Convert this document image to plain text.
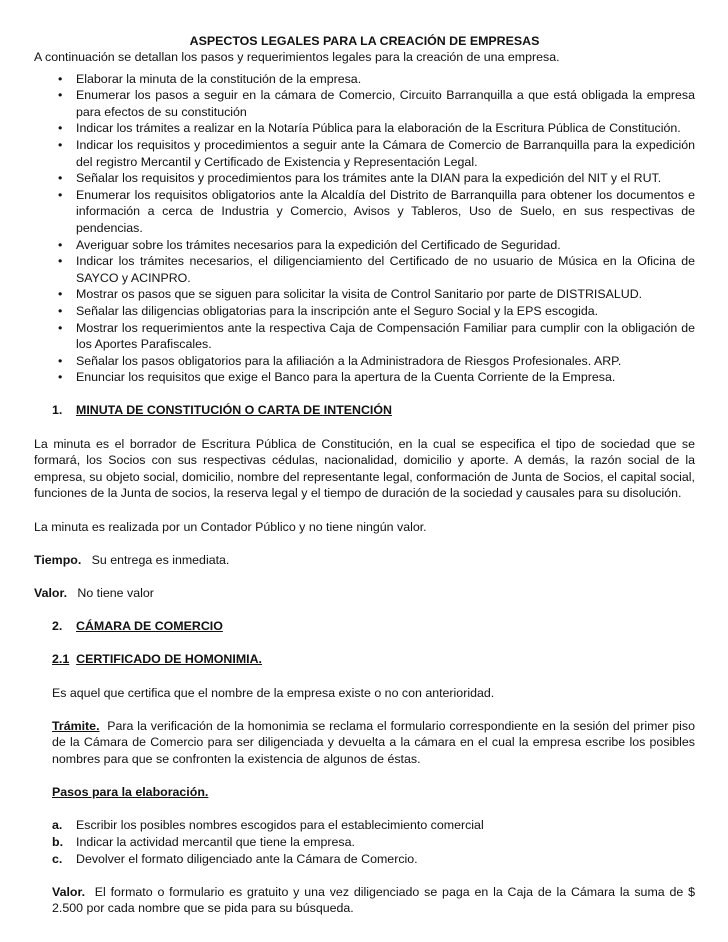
ASPECTOS LEGALES PARA LA CREACIÓN DE EMPRESAS

A continuación se detallan los pasos y requerimientos legales para la creación de una empresa.

• Elaborar la minuta de la constitución de la empresa.
• Enumerar los pasos a seguir en la cámara de Comercio, Circuito Barranquilla a que está obligada la empresa para efectos de su constitución
• Indicar los trámites a realizar en la Notaría Pública para la elaboración de la Escritura Pública de Constitución.
• Indicar los requisitos y procedimientos a seguir ante la Cámara de Comercio de Barranquilla para la expedición del registro Mercantil y Certificado de Existencia y Representación Legal.
• Señalar los requisitos y procedimientos para los trámites ante la DIAN para la expedición del NIT y el RUT.
• Enumerar los requisitos obligatorios ante la Alcaldía del Distrito de Barranquilla para obtener los documentos e información a cerca de Industria y Comercio, Avisos y Tableros, Uso de Suelo, en sus respectivas de pendencias.
• Averiguar sobre los trámites necesarios para la expedición del Certificado de Seguridad.
• Indicar los trámites necesarios, el diligenciamiento del Certificado de no usuario de Música en la Oficina de SAYCO y ACINPRO.
• Mostrar os pasos que se siguen para solicitar la visita de Control Sanitario por parte de DISTRISALUD.
• Señalar las diligencias obligatorias para la inscripción ante el Seguro Social y la EPS escogida.
• Mostrar los requerimientos ante la respectiva Caja de Compensación Familiar para cumplir con la obligación de los Aportes Parafiscales.
• Señalar los pasos obligatorios para la afiliación a la Administradora de Riesgos Profesionales. ARP.
• Enunciar los requisitos que exige el Banco para la apertura de la Cuenta Corriente de la Empresa.
1. MINUTA DE CONSTITUCIÓN O CARTA DE INTENCIÓN

La minuta es el borrador de Escritura Pública de Constitución, en la cual se especifica el tipo de sociedad que se formará, los Socios con sus respectivas cédulas, nacionalidad, domicilio y aporte. A demás, la razón social de la empresa, su objeto social, domicilio, nombre del representante legal, conformación de Junta de Socios, el capital social, funciones de la Junta de socios, la reserva legal y el tiempo de duración de la sociedad y causales para su disolución.

La minuta es realizada por un Contador Público y no tiene ningún valor.

Tiempo.   Su entrega es inmediata.

Valor.   No tiene valor

2. CÁMARA DE COMERCIO
2.1 CERTIFICADO DE HOMONIMIA.

Es aquel que certifica que el nombre de la empresa existe o no con anterioridad.

Trámite.  Para la verificación de la homonimia se reclama el formulario correspondiente en la sesión del primer piso de la Cámara de Comercio para ser diligenciada y devuelta a la cámara en el cual la empresa escribe los posibles nombres para que se confronten la existencia de algunos de éstas.

Pasos para la elaboración.

a. Escribir los posibles nombres escogidos para el establecimiento comercial
b. Indicar la actividad mercantil que tiene la empresa.
c. Devolver el formato diligenciado ante la Cámara de Comercio.

Valor.  El formato o formulario es gratuito y una vez diligenciado se paga en la Caja de la Cámara la suma de $ 2.500 por cada nombre que se pida para su búsqueda.
